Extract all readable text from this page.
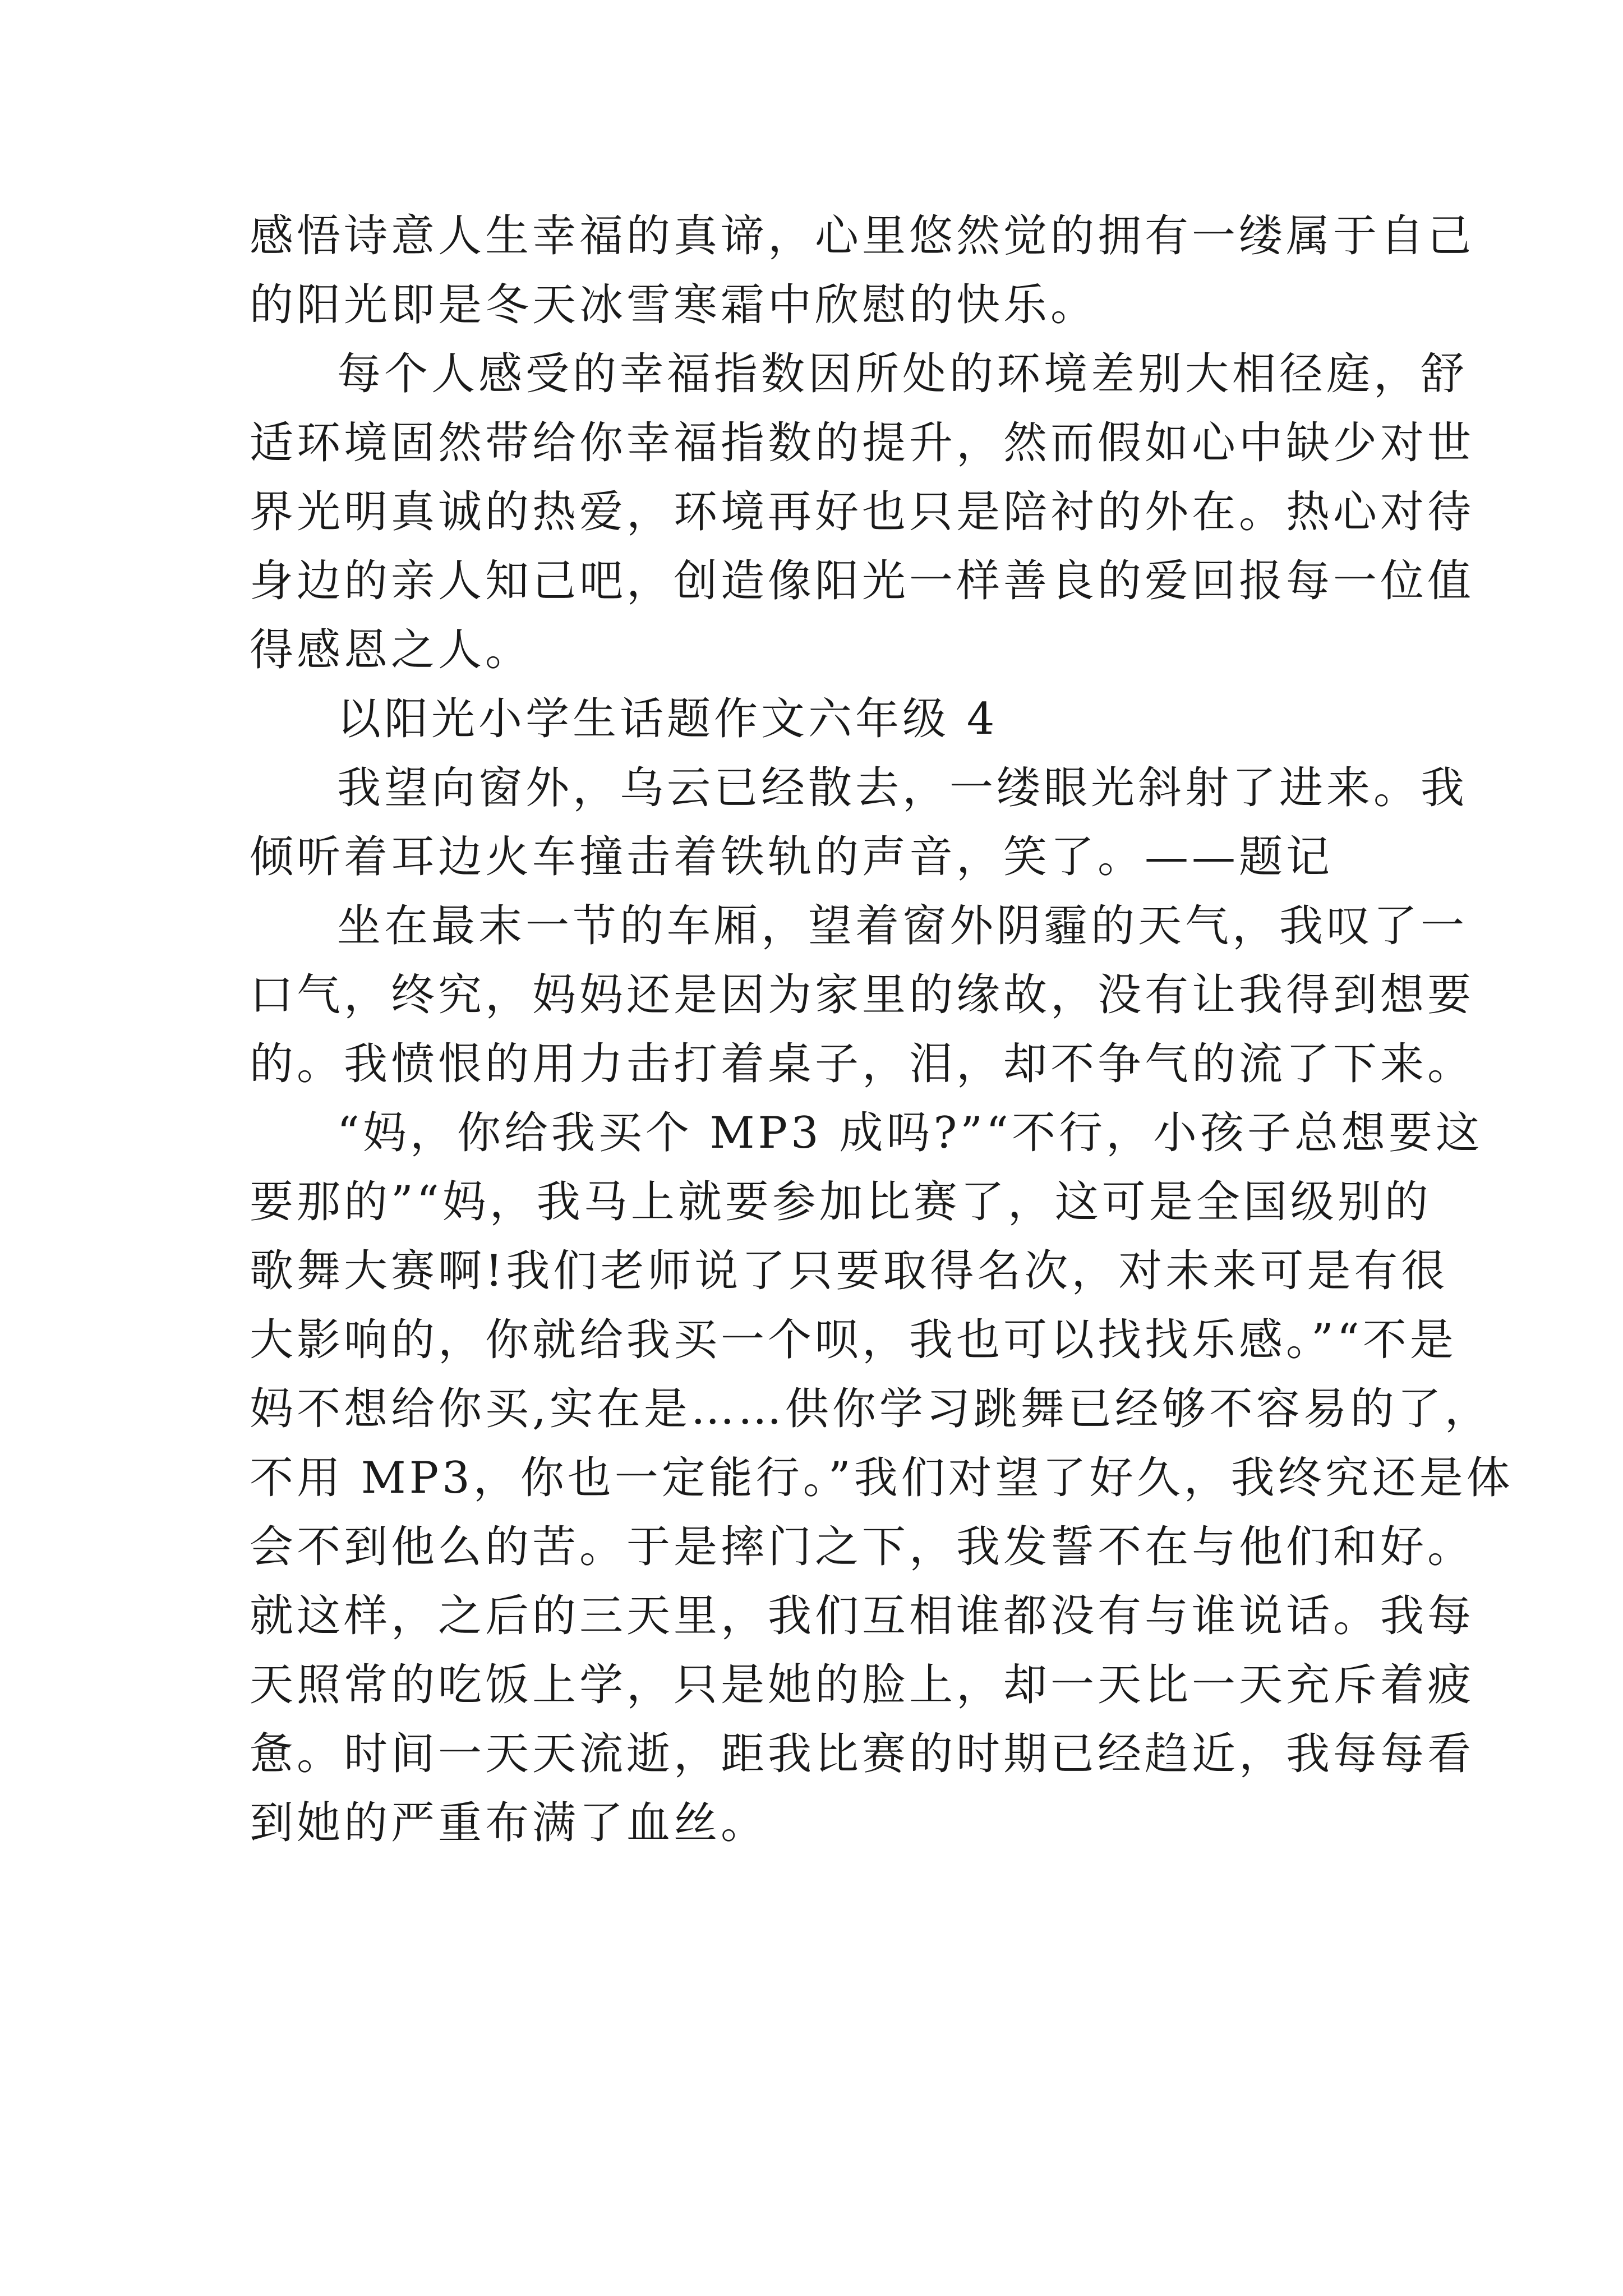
感悟诗意人生幸福的真谛，心里悠然觉的拥有一缕属于自己
的阳光即是冬天冰雪寒霜中欣慰的快乐。
每个人感受的幸福指数因所处的环境差别大相径庭，舒
适环境固然带给你幸福指数的提升，然而假如心中缺少对世
界光明真诚的热爱，环境再好也只是陪衬的外在。热心对待
身边的亲人知己吧，创造像阳光一样善良的爱回报每一位值
得感恩之人。
以阳光小学生话题作文六年级 4
我望向窗外，乌云已经散去，一缕眼光斜射了进来。我
倾听着耳边火车撞击着铁轨的声音，笑了。——题记
坐在最末一节的车厢，望着窗外阴霾的天气，我叹了一
口气，终究，妈妈还是因为家里的缘故，没有让我得到想要
的。我愤恨的用力击打着桌子，泪，却不争气的流了下来。
“妈，你给我买个 MP3 成吗?”“不行，小孩子总想要这
要那的”“妈，我马上就要参加比赛了，这可是全国级别的
歌舞大赛啊!我们老师说了只要取得名次，对未来可是有很
大影响的，你就给我买一个呗，我也可以找找乐感。”“不是
妈不想给你买,实在是……供你学习跳舞已经够不容易的了，
不用 MP3，你也一定能行。”我们对望了好久，我终究还是体
会不到他么的苦。于是摔门之下，我发誓不在与他们和好。
就这样，之后的三天里，我们互相谁都没有与谁说话。我每
天照常的吃饭上学，只是她的脸上，却一天比一天充斥着疲
惫。时间一天天流逝，距我比赛的时期已经趋近，我每每看
到她的严重布满了血丝。
